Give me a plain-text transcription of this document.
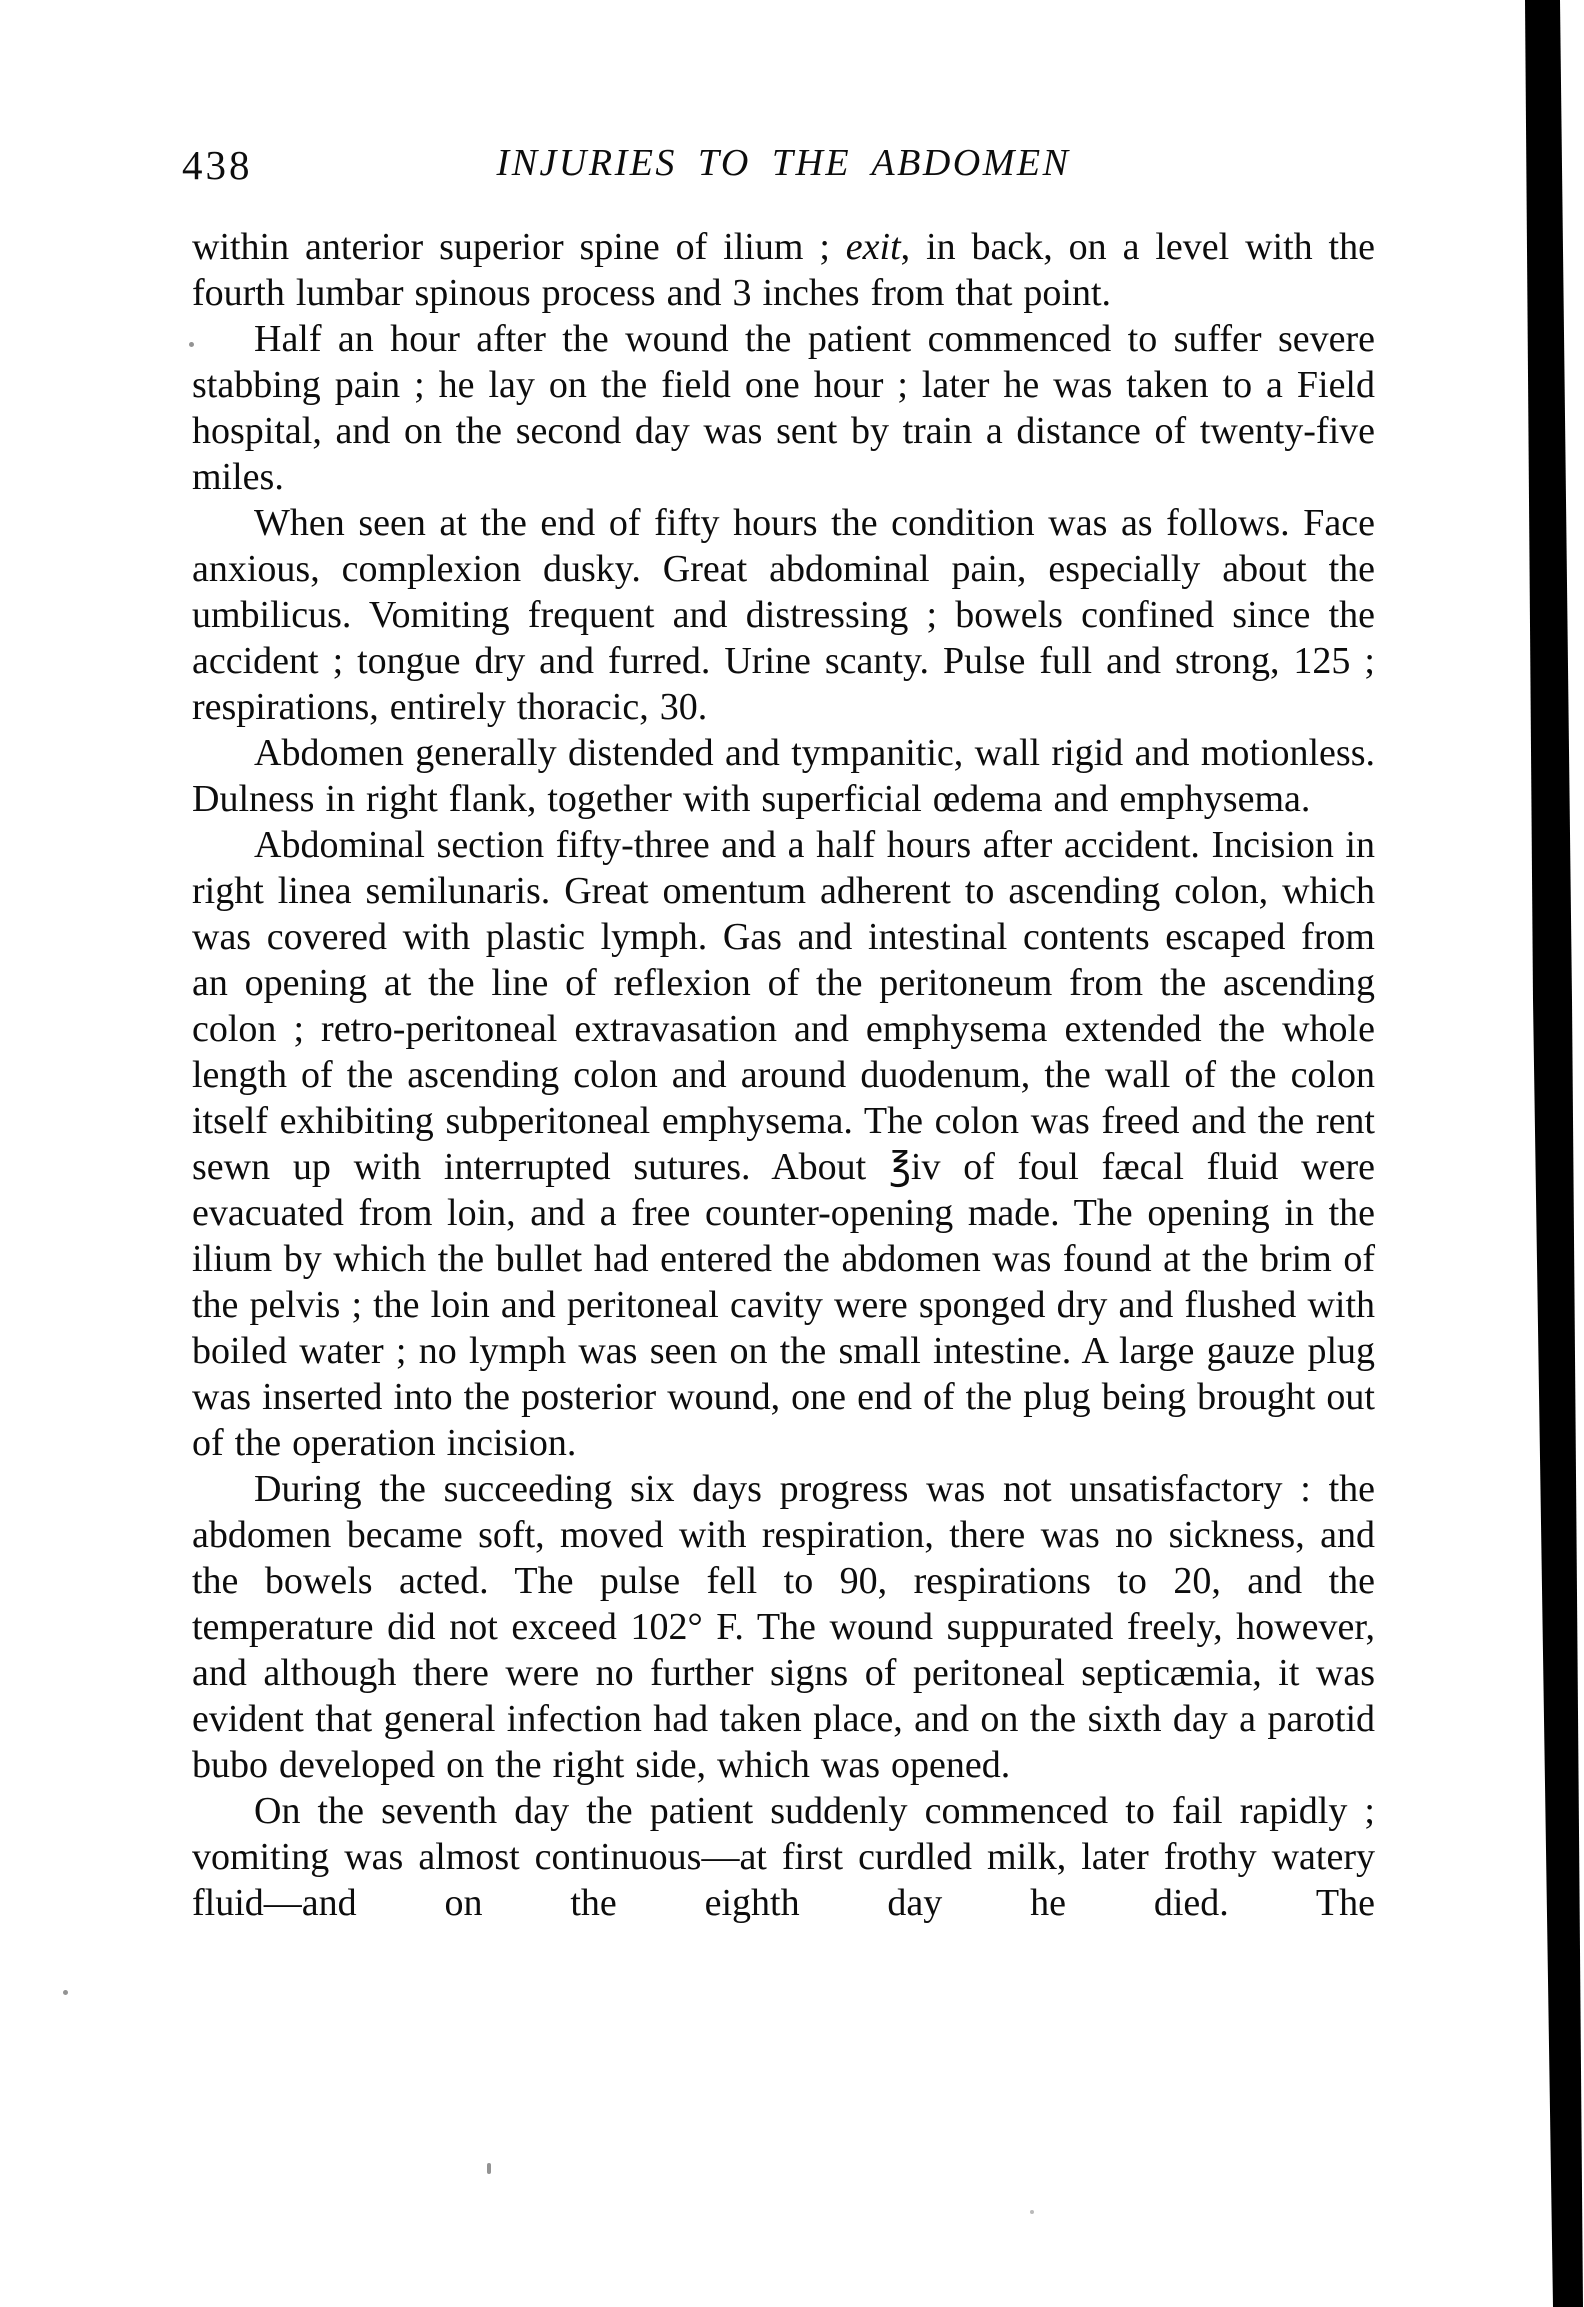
438	INJURIES TO THE ABDOMEN

within anterior superior spine of ilium ; exit, in back, on a level with the fourth lumbar spinous process and 3 inches from that point.

Half an hour after the wound the patient commenced to suffer severe stabbing pain ; he lay on the field one hour ; later he was taken to a Field hospital, and on the second day was sent by train a distance of twenty-five miles.

When seen at the end of fifty hours the condition was as follows. Face anxious, complexion dusky. Great abdominal pain, especially about the umbilicus. Vomiting frequent and distressing ; bowels confined since the accident ; tongue dry and furred. Urine scanty. Pulse full and strong, 125 ; respirations, entirely thoracic, 30.

Abdomen generally distended and tympanitic, wall rigid and motionless. Dulness in right flank, together with superficial œdema and emphysema.

Abdominal section fifty-three and a half hours after accident. Incision in right linea semilunaris. Great omentum adherent to ascending colon, which was covered with plastic lymph. Gas and intestinal contents escaped from an opening at the line of reflexion of the peritoneum from the ascending colon ; retro-peritoneal extravasation and emphysema extended the whole length of the ascending colon and around duodenum, the wall of the colon itself exhibiting subperitoneal emphysema. The colon was freed and the rent sewn up with interrupted sutures. About ℥iv of foul fæcal fluid were evacuated from loin, and a free counter-opening made. The opening in the ilium by which the bullet had entered the abdomen was found at the brim of the pelvis ; the loin and peritoneal cavity were sponged dry and flushed with boiled water ; no lymph was seen on the small intestine. A large gauze plug was inserted into the posterior wound, one end of the plug being brought out of the operation incision.

During the succeeding six days progress was not unsatisfactory : the abdomen became soft, moved with respiration, there was no sickness, and the bowels acted. The pulse fell to 90, respirations to 20, and the temperature did not exceed 102° F. The wound suppurated freely, however, and although there were no further signs of peritoneal septicæmia, it was evident that general infection had taken place, and on the sixth day a parotid bubo developed on the right side, which was opened.

On the seventh day the patient suddenly commenced to fail rapidly ; vomiting was almost continuous—at first curdled milk, later frothy watery fluid—and on the eighth day he died. The
